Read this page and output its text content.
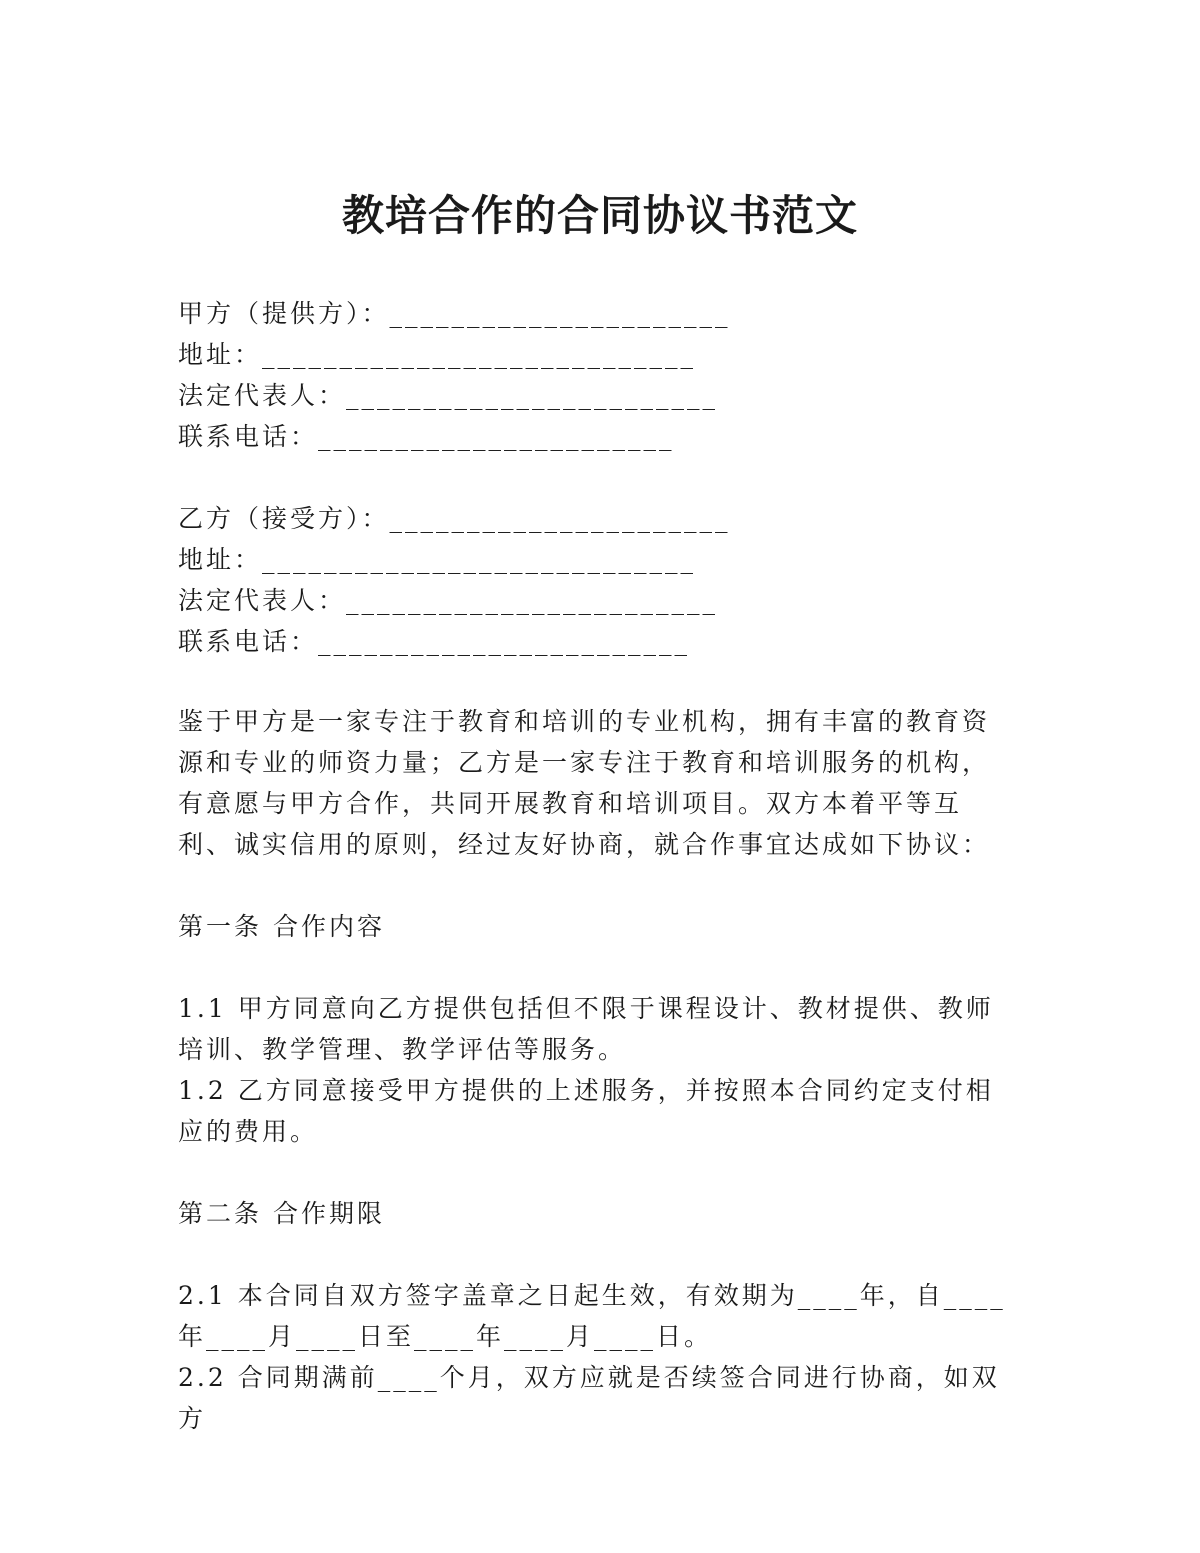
教培合作的合同协议书范文
甲方（提供方）：______________________
地址：____________________________
法定代表人：________________________
联系电话：_______________________
乙方（接受方）：______________________
地址：____________________________
法定代表人：________________________
联系电话：________________________
鉴于甲方是一家专注于教育和培训的专业机构，拥有丰富的教育资源和专业的师资力量；乙方是一家专注于教育和培训服务的机构，有意愿与甲方合作，共同开展教育和培训项目。双方本着平等互利、诚实信用的原则，经过友好协商，就合作事宜达成如下协议：
第一条 合作内容
1.1 甲方同意向乙方提供包括但不限于课程设计、教材提供、教师培训、教学管理、教学评估等服务。
1.2 乙方同意接受甲方提供的上述服务，并按照本合同约定支付相应的费用。
第二条 合作期限
2.1 本合同自双方签字盖章之日起生效，有效期为____年，自____年____月____日至____年____月____日。
2.2 合同期满前____个月，双方应就是否续签合同进行协商，如双方
